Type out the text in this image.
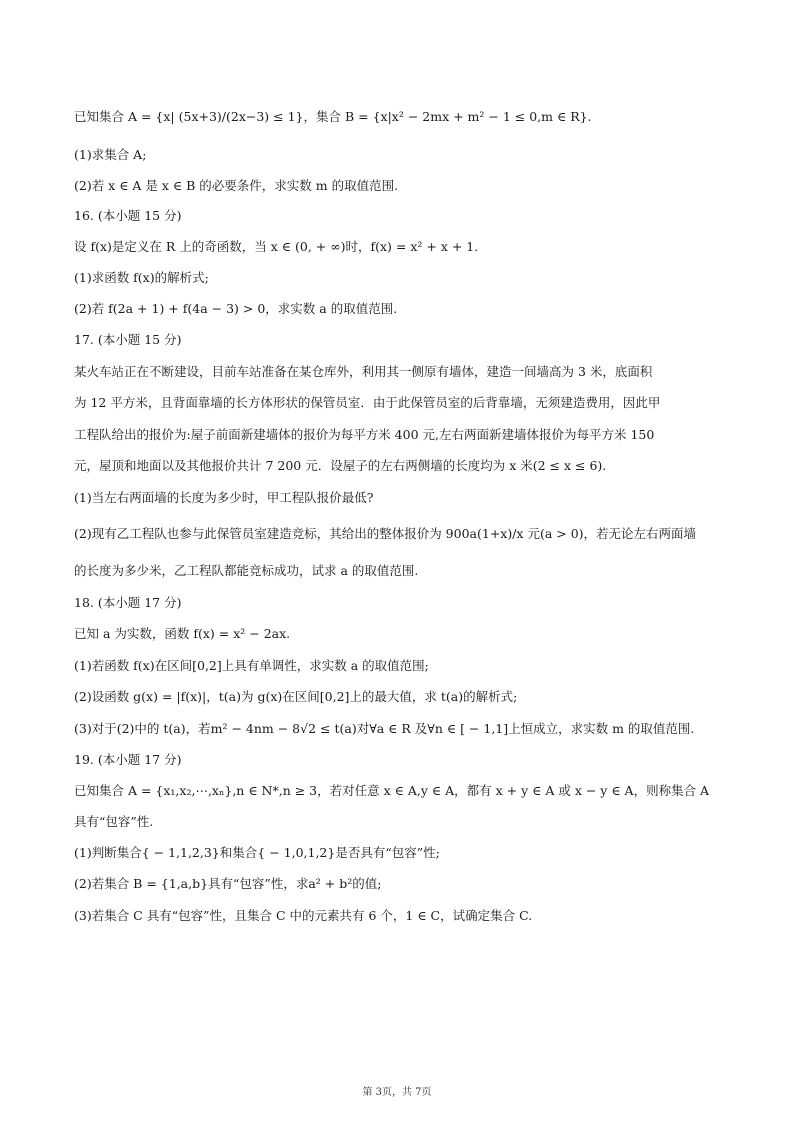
已知集合 A = {x| (5x+3)/(2x−3) ≤ 1}，集合 B = {x|x² − 2mx + m² − 1 ≤ 0,m ∈ R}.
(1)求集合 A;
(2)若 x ∈ A 是 x ∈ B 的必要条件，求实数 m 的取值范围.
16. (本小题 15 分)
设 f(x)是定义在 R 上的奇函数，当 x ∈ (0, + ∞)时，f(x) = x² + x + 1.
(1)求函数 f(x)的解析式;
(2)若 f(2a + 1) + f(4a − 3) > 0，求实数 a 的取值范围.
17. (本小题 15 分)
某火车站正在不断建设，目前车站准备在某仓库外，利用其一侧原有墙体，建造一间墙高为 3 米，底面积
为 12 平方米，且背面靠墙的长方体形状的保管员室．由于此保管员室的后背靠墙，无须建造费用，因此甲
工程队给出的报价为:屋子前面新建墙体的报价为每平方米 400 元,左右两面新建墙体报价为每平方米 150
元，屋顶和地面以及其他报价共计 7 200 元．设屋子的左右两侧墙的长度均为 x 米(2 ≤ x ≤ 6).
(1)当左右两面墙的长度为多少时，甲工程队报价最低?
(2)现有乙工程队也参与此保管员室建造竞标，其给出的整体报价为 900a(1+x)/x 元(a > 0)，若无论左右两面墙
的长度为多少米，乙工程队都能竞标成功，试求 a 的取值范围.
18. (本小题 17 分)
已知 a 为实数，函数 f(x) = x² − 2ax.
(1)若函数 f(x)在区间[0,2]上具有单调性，求实数 a 的取值范围;
(2)设函数 g(x) = |f(x)|，t(a)为 g(x)在区间[0,2]上的最大值，求 t(a)的解析式;
(3)对于(2)中的 t(a)，若m² − 4nm − 8√2 ≤ t(a)对∀a ∈ R 及∀n ∈ [ − 1,1]上恒成立，求实数 m 的取值范围.
19. (本小题 17 分)
已知集合 A = {x₁,x₂,⋯,xₙ},n ∈ N*,n ≥ 3，若对任意 x ∈ A,y ∈ A，都有 x + y ∈ A 或 x − y ∈ A，则称集合 A
具有“包容”性.
(1)判断集合{ − 1,1,2,3}和集合{ − 1,0,1,2}是否具有“包容”性;
(2)若集合 B = {1,a,b}具有“包容”性，求a² + b²的值;
(3)若集合 C 具有“包容”性，且集合 C 中的元素共有 6 个，1 ∈ C，试确定集合 C.
第 3页，共 7页
